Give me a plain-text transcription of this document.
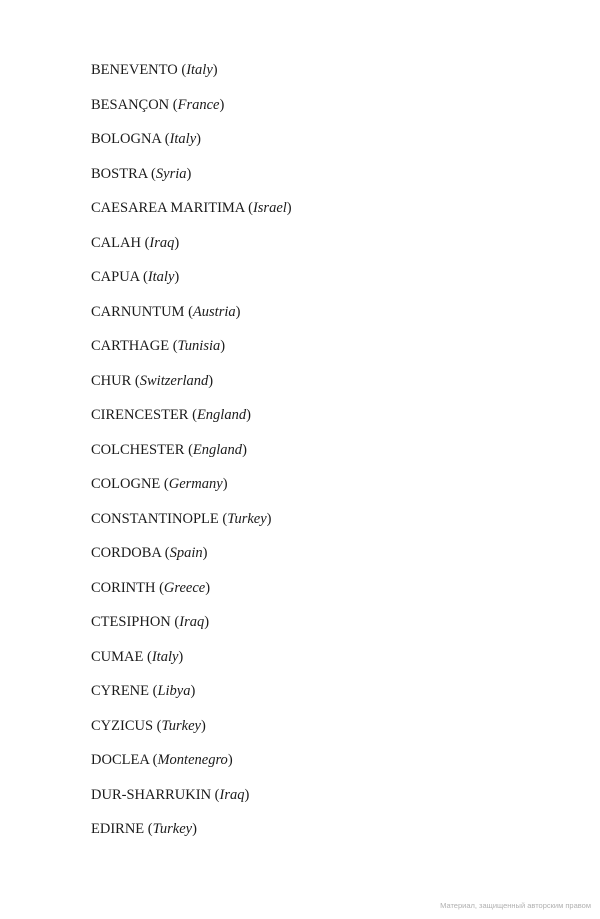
BENEVENTO (Italy)
BESANÇON (France)
BOLOGNA (Italy)
BOSTRA (Syria)
CAESAREA MARITIMA (Israel)
CALAH (Iraq)
CAPUA (Italy)
CARNUNTUM (Austria)
CARTHAGE (Tunisia)
CHUR (Switzerland)
CIRENCESTER (England)
COLCHESTER (England)
COLOGNE (Germany)
CONSTANTINOPLE (Turkey)
CORDOBA (Spain)
CORINTH (Greece)
CTESIPHON (Iraq)
CUMAE (Italy)
CYRENE (Libya)
CYZICUS (Turkey)
DOCLEA (Montenegro)
DUR-SHARRUKIN (Iraq)
EDIRNE (Turkey)
Материал, защищенный авторским правом
